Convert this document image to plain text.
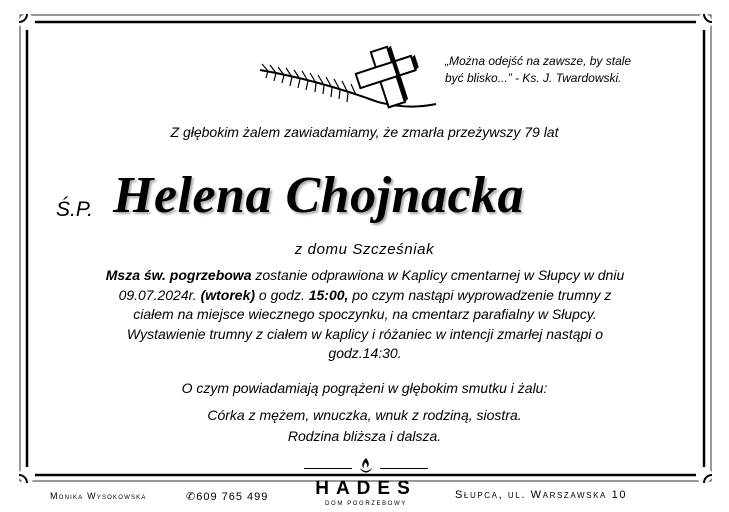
„Można odejść na zawsze, by stale
być blisko...” - Ks. J. Twardowski.
Z głębokim żalem zawiadamiamy, że zmarła przeżywszy 79 lat
Ś.P. Helena Chojnacka
z domu Szcześniak
Msza św. pogrzebowa zostanie odprawiona w Kaplicy cmentarnej w Słupcy w dniu
09.07.2024r. (wtorek) o godz. 15:00, po czym nastąpi wyprowadzenie trumny z
ciałem na miejsce wiecznego spoczynku, na cmentarz parafialny w Słupcy.
Wystawienie trumny z ciałem w kaplicy i różaniec w intencji zmarłej nastąpi o
godz.14:30.
O czym powiadamiają pogrążeni w głębokim smutku i żalu:
Córka z mężem, wnuczka, wnuk z rodziną, siostra.
Rodzina bliższa i dalsza.
Monika Wysokowska	✆609 765 499	HADES
DOM POGRZEBOWY
Słupca, ul. Warszawska 10
